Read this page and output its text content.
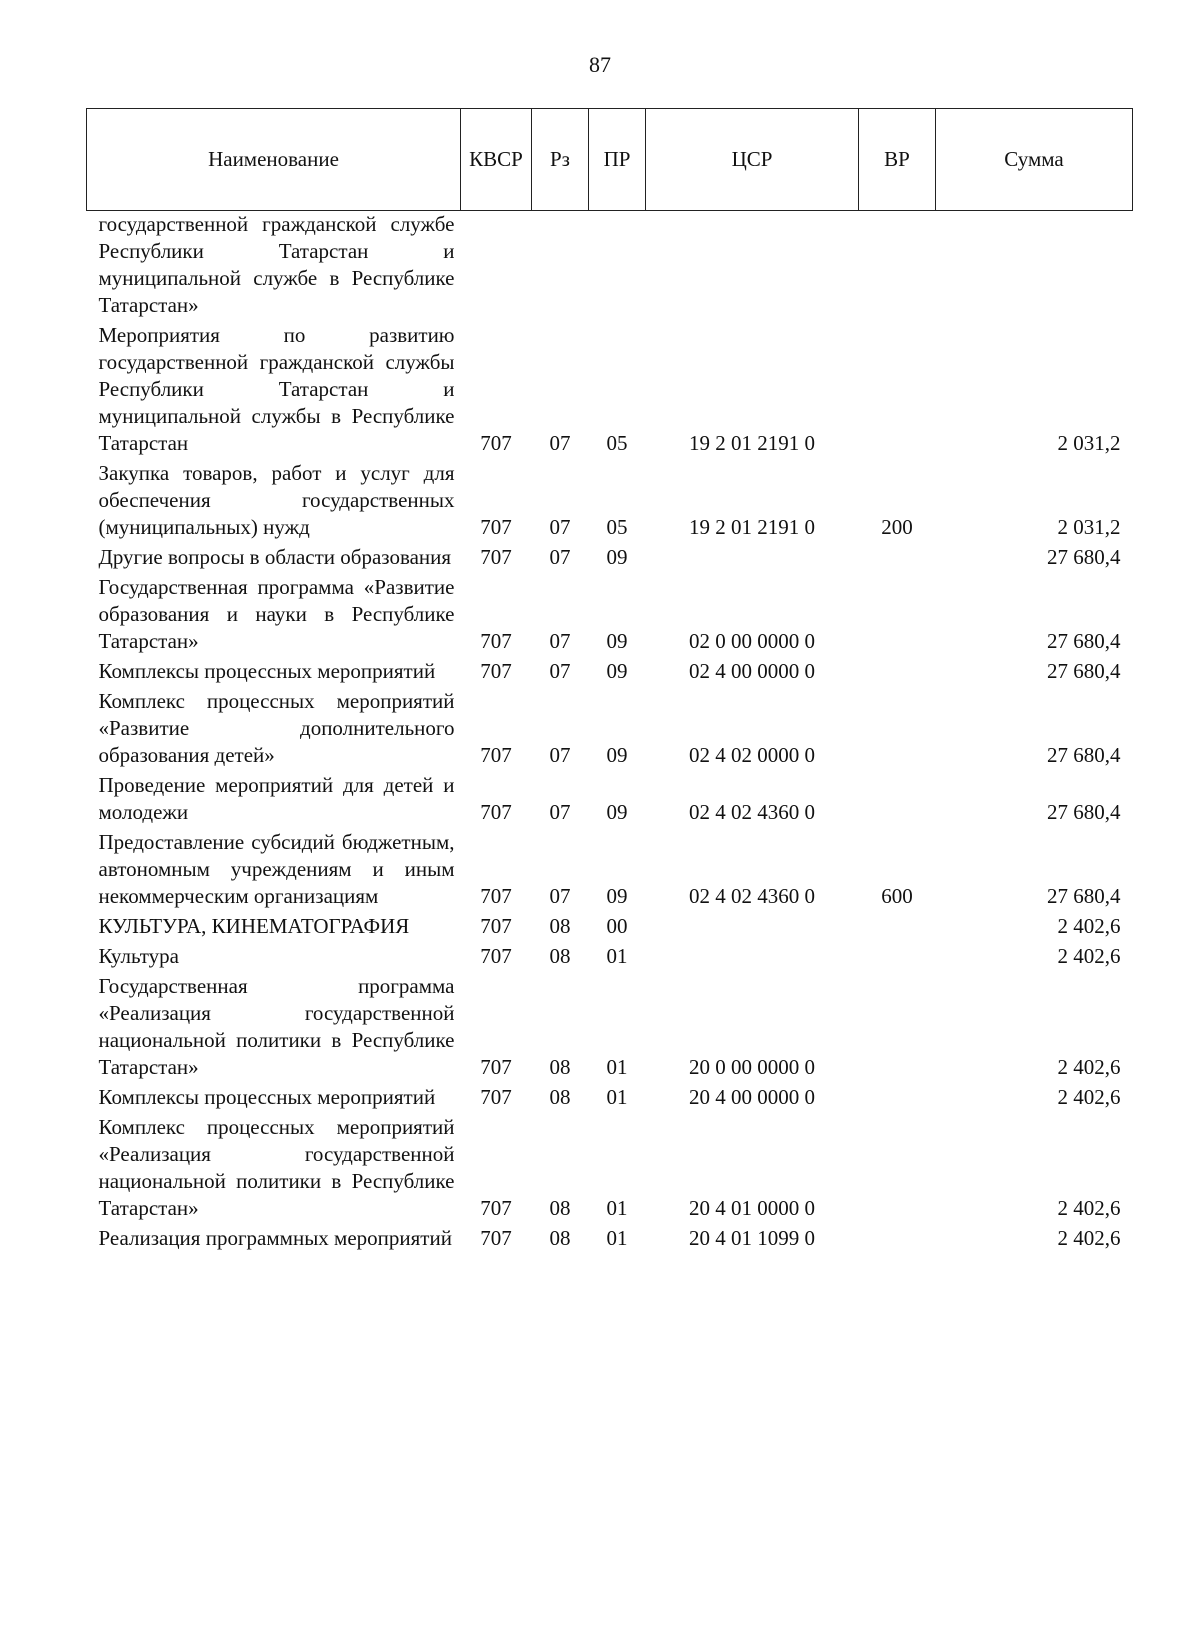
87
Наименование	КВСР	Рз	ПР	ЦСР	ВР	Сумма
государственной гражданской службе Республики Татарстан и муниципальной службе в Республике Татарстан»						
Мероприятия по развитию государственной гражданской службы Республики Татарстан и муниципальной службы в Республике Татарстан	707	07	05	19 2 01 2191 0		2 031,2
Закупка товаров, работ и услуг для обеспечения государственных (муниципальных) нужд	707	07	05	19 2 01 2191 0	200	2 031,2
Другие вопросы в области образования	707	07	09			27 680,4
Государственная программа «Развитие образования и науки в Республике Татарстан»	707	07	09	02 0 00 0000 0		27 680,4
Комплексы процессных мероприятий	707	07	09	02 4 00 0000 0		27 680,4
Комплекс процессных мероприятий «Развитие дополнительного образования детей»	707	07	09	02 4 02 0000 0		27 680,4
Проведение мероприятий для детей и молодежи	707	07	09	02 4 02 4360 0		27 680,4
Предоставление субсидий бюджетным, автономным учреждениям и иным некоммерческим организациям	707	07	09	02 4 02 4360 0	600	27 680,4
КУЛЬТУРА, КИНЕМАТОГРАФИЯ	707	08	00			2 402,6
Культура	707	08	01			2 402,6
Государственная программа «Реализация государственной национальной политики в Республике Татарстан»	707	08	01	20 0 00 0000 0		2 402,6
Комплексы процессных мероприятий	707	08	01	20 4 00 0000 0		2 402,6
Комплекс процессных мероприятий «Реализация государственной национальной политики в Республике Татарстан»	707	08	01	20 4 01 0000 0		2 402,6
Реализация программных мероприятий	707	08	01	20 4 01 1099 0		2 402,6
